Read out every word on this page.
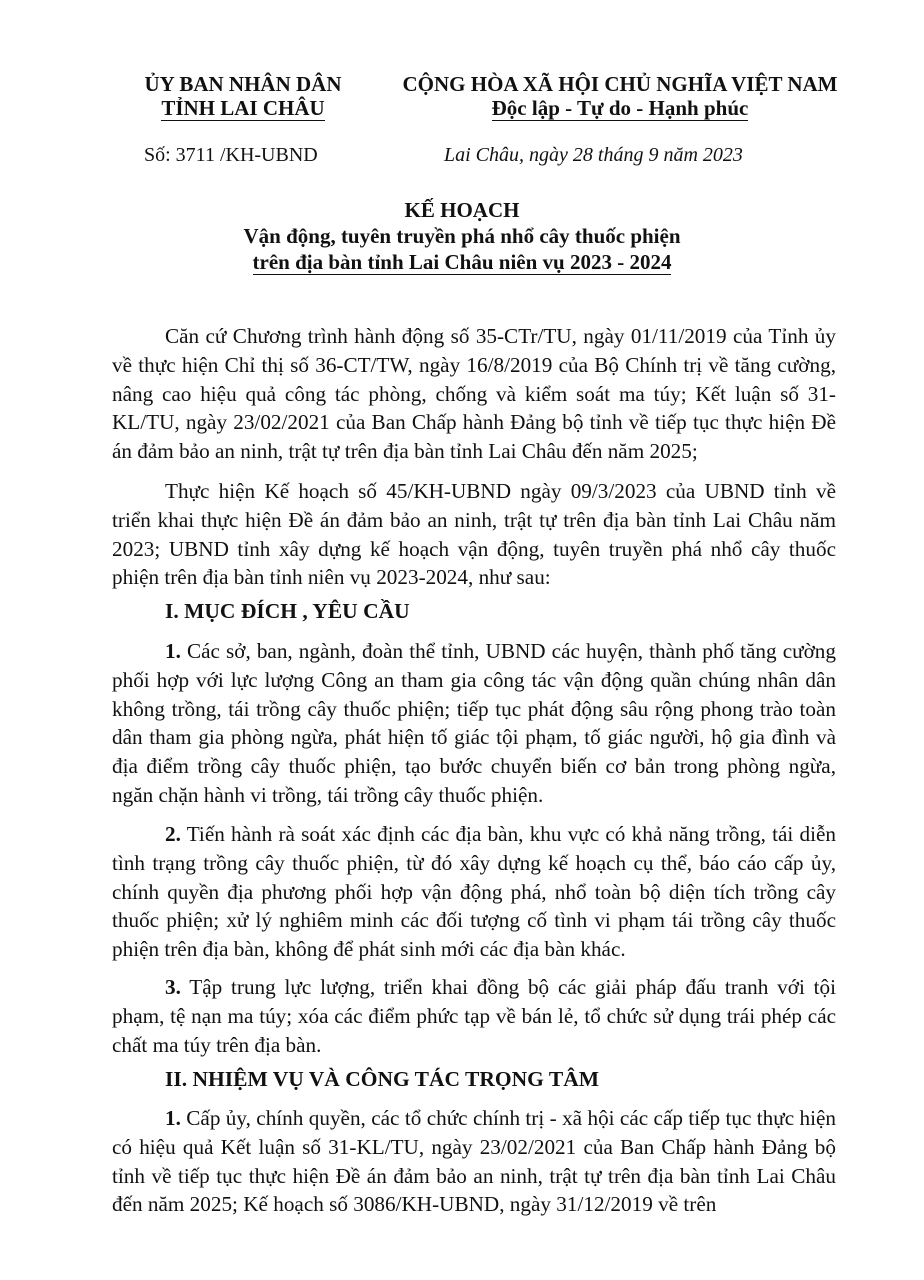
ỦY BAN NHÂN DÂN
TỈNH LAI CHÂU
CỘNG HÒA XÃ HỘI CHỦ NGHĨA VIỆT NAM
Độc lập - Tự do - Hạnh phúc
Số: 3711 /KH-UBND	Lai Châu, ngày 28 tháng 9 năm 2023
KẾ HOẠCH
Vận động, tuyên truyền phá nhổ cây thuốc phiện
trên địa bàn tỉnh Lai Châu niên vụ 2023 - 2024
Căn cứ Chương trình hành động số 35-CTr/TU, ngày 01/11/2019 của Tỉnh ủy về thực hiện Chỉ thị số 36-CT/TW, ngày 16/8/2019 của Bộ Chính trị về tăng cường, nâng cao hiệu quả công tác phòng, chống và kiểm soát ma túy; Kết luận số 31-KL/TU, ngày 23/02/2021 của Ban Chấp hành Đảng bộ tỉnh về tiếp tục thực hiện Đề án đảm bảo an ninh, trật tự trên địa bàn tỉnh Lai Châu đến năm 2025;
Thực hiện Kế hoạch số 45/KH-UBND ngày 09/3/2023 của UBND tỉnh về triển khai thực hiện Đề án đảm bảo an ninh, trật tự trên địa bàn tỉnh Lai Châu năm 2023; UBND tỉnh xây dựng kế hoạch vận động, tuyên truyền phá nhổ cây thuốc phiện trên địa bàn tỉnh niên vụ 2023-2024, như sau:
I. MỤC ĐÍCH , YÊU CẦU
1. Các sở, ban, ngành, đoàn thể tỉnh, UBND các huyện, thành phố tăng cường phối hợp với lực lượng Công an tham gia công tác vận động quần chúng nhân dân không trồng, tái trồng cây thuốc phiện; tiếp tục phát động sâu rộng phong trào toàn dân tham gia phòng ngừa, phát hiện tố giác tội phạm, tố giác người, hộ gia đình và địa điểm trồng cây thuốc phiện, tạo bước chuyển biến cơ bản trong phòng ngừa, ngăn chặn hành vi trồng, tái trồng cây thuốc phiện.
2. Tiến hành rà soát xác định các địa bàn, khu vực có khả năng trồng, tái diễn tình trạng trồng cây thuốc phiện, từ đó xây dựng kế hoạch cụ thể, báo cáo cấp ủy, chính quyền địa phương phối hợp vận động phá, nhổ toàn bộ diện tích trồng cây thuốc phiện; xử lý nghiêm minh các đối tượng cố tình vi phạm tái trồng cây thuốc phiện trên địa bàn, không để phát sinh mới các địa bàn khác.
3. Tập trung lực lượng, triển khai đồng bộ các giải pháp đấu tranh với tội phạm, tệ nạn ma túy; xóa các điểm phức tạp về bán lẻ, tổ chức sử dụng trái phép các chất ma túy trên địa bàn.
II. NHIỆM VỤ VÀ CÔNG TÁC TRỌNG TÂM
1. Cấp ủy, chính quyền, các tổ chức chính trị - xã hội các cấp tiếp tục thực hiện có hiệu quả Kết luận số 31-KL/TU, ngày 23/02/2021 của Ban Chấp hành Đảng bộ tỉnh về tiếp tục thực hiện Đề án đảm bảo an ninh, trật tự trên địa bàn tỉnh Lai Châu đến năm 2025; Kế hoạch số 3086/KH-UBND, ngày 31/12/2019 về trên
